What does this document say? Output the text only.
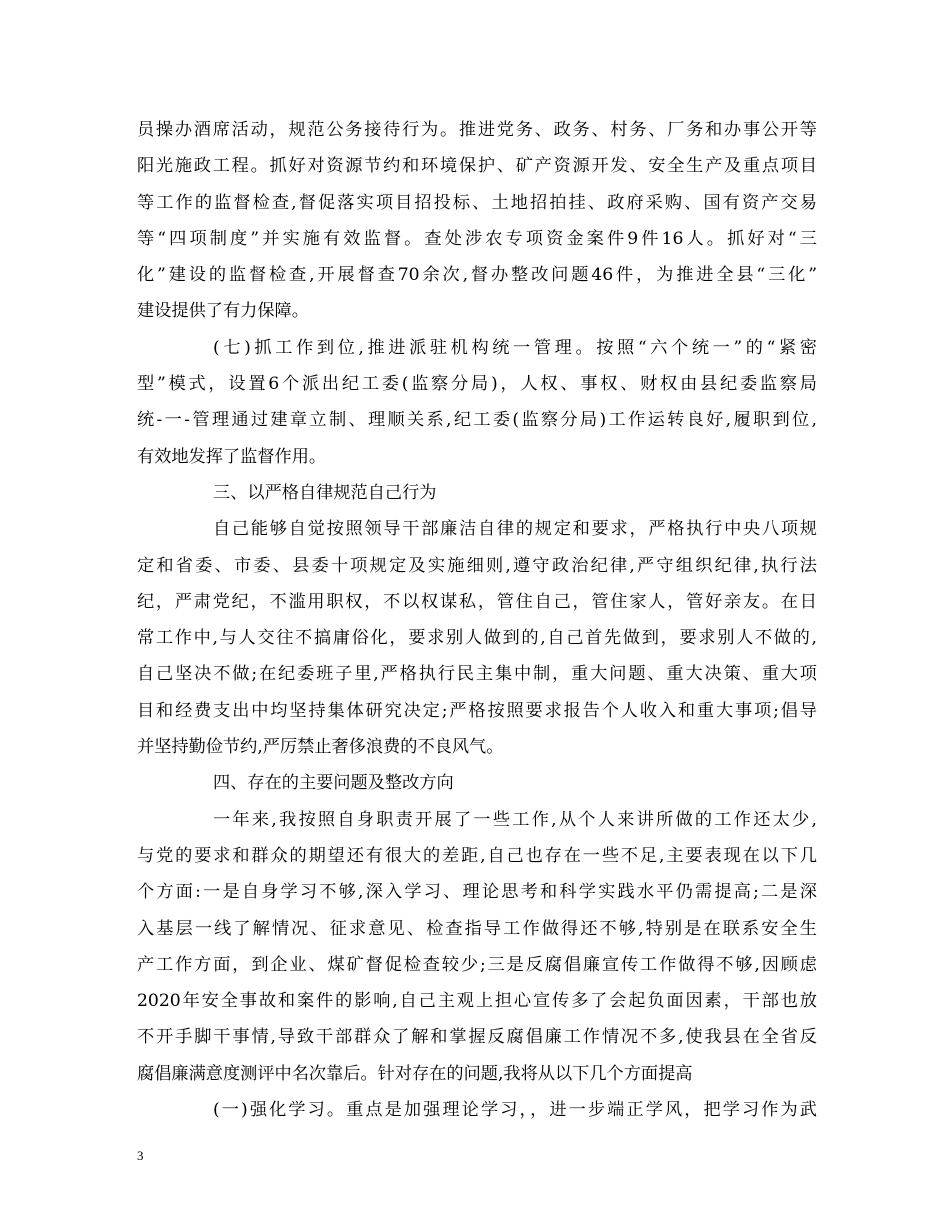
员操办酒席活动，规范公务接待行为。推进党务、政务、村务、厂务和办事公开等
阳光施政工程。抓好对资源节约和环境保护、矿产资源开发、安全生产及重点项目
等工作的监督检查,督促落实项目招投标、土地招拍挂、政府采购、国有资产交易
等“四项制度”并实施有效监督。查处涉农专项资金案件9件16人。抓好对“三
化”建设的监督检查,开展督查70余次,督办整改问题46件，为推进全县“三化”
建设提供了有力保障。
(七)抓工作到位,推进派驻机构统一管理。按照“六个统一”的“紧密
型”模式，设置6个派出纪工委(监察分局)，人权、事权、财权由县纪委监察局
统-一-管理通过建章立制、理顺关系,纪工委(监察分局)工作运转良好,履职到位,
有效地发挥了监督作用。
三、以严格自律规范自己行为
自己能够自觉按照领导干部廉洁自律的规定和要求，严格执行中央八项规
定和省委、市委、县委十项规定及实施细则,遵守政治纪律,严守组织纪律,执行法
纪，严肃党纪，不滥用职权，不以权谋私，管住自己，管住家人，管好亲友。在日
常工作中,与人交往不搞庸俗化，要求别人做到的,自己首先做到，要求别人不做的,
自己坚决不做;在纪委班子里,严格执行民主集中制，重大问题、重大决策、重大项
目和经费支出中均坚持集体研究决定;严格按照要求报告个人收入和重大事项;倡导
并坚持勤俭节约,严厉禁止奢侈浪费的不良风气。
四、存在的主要问题及整改方向
一年来,我按照自身职责开展了一些工作,从个人来讲所做的工作还太少,
与党的要求和群众的期望还有很大的差距,自己也存在一些不足,主要表现在以下几
个方面:一是自身学习不够,深入学习、理论思考和科学实践水平仍需提高;二是深
入基层一线了解情况、征求意见、检查指导工作做得还不够,特别是在联系安全生
产工作方面，到企业、煤矿督促检查较少;三是反腐倡廉宣传工作做得不够,因顾虑
2020年安全事故和案件的影响,自己主观上担心宣传多了会起负面因素，干部也放
不开手脚干事情,导致干部群众了解和掌握反腐倡廉工作情况不多,使我县在全省反
腐倡廉满意度测评中名次靠后。针对存在的问题,我将从以下几个方面提高
(一)强化学习。重点是加强理论学习，，进一步端正学风，把学习作为武
3
